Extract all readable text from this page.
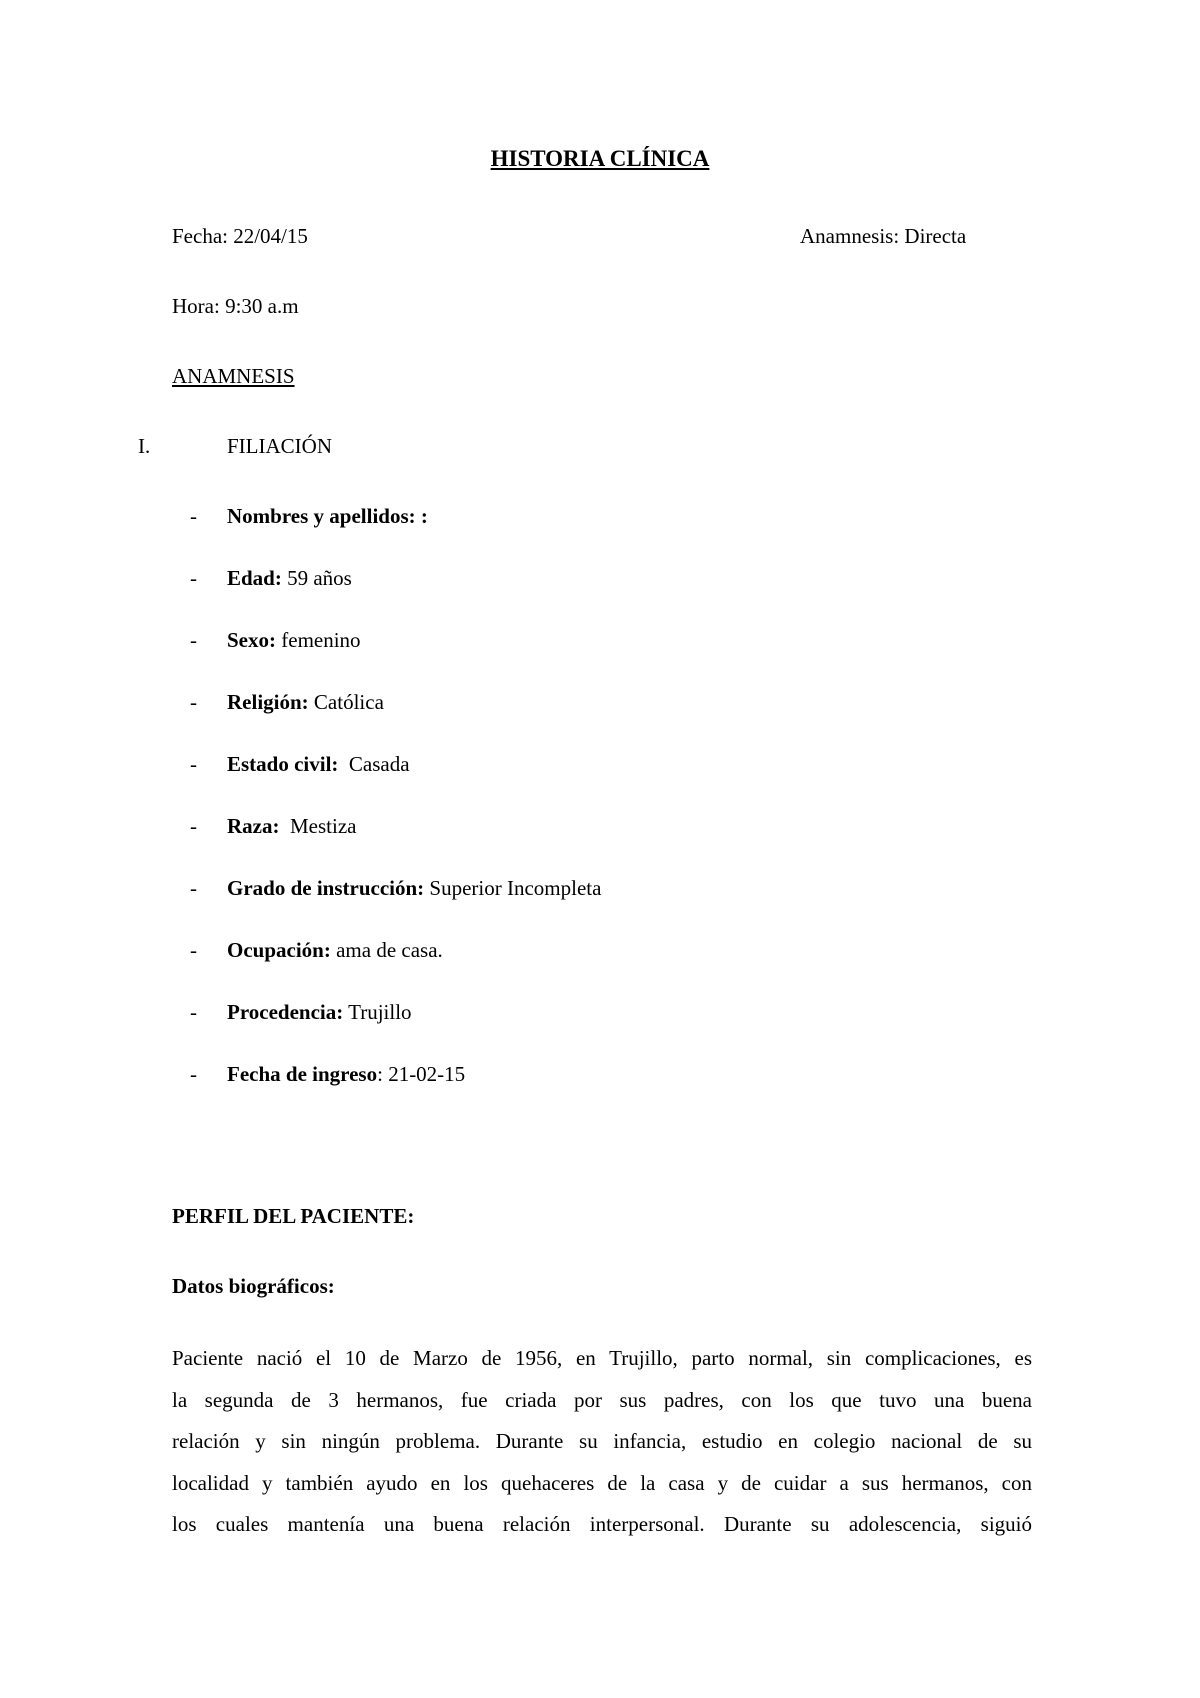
HISTORIA CLÍNICA
Fecha: 22/04/15	Anamnesis: Directa
Hora: 9:30 a.m
ANAMNESIS
I.	FILIACIÓN
- Nombres y apellidos: :
- Edad: 59 años
- Sexo: femenino
- Religión: Católica
- Estado civil:  Casada
- Raza:  Mestiza
- Grado de instrucción: Superior Incompleta
- Ocupación: ama de casa.
- Procedencia: Trujillo
- Fecha de ingreso: 21-02-15
PERFIL DEL PACIENTE:
Datos biográficos:
Paciente nació el 10 de Marzo de 1956, en Trujillo, parto normal, sin complicaciones, es
la segunda de 3 hermanos, fue criada por sus padres, con los que tuvo una buena
relación y sin ningún problema. Durante su infancia, estudio en colegio nacional de su
localidad y también ayudo en los quehaceres de la casa y de cuidar a sus hermanos, con
los cuales mantenía una buena relación interpersonal. Durante su adolescencia, siguió
